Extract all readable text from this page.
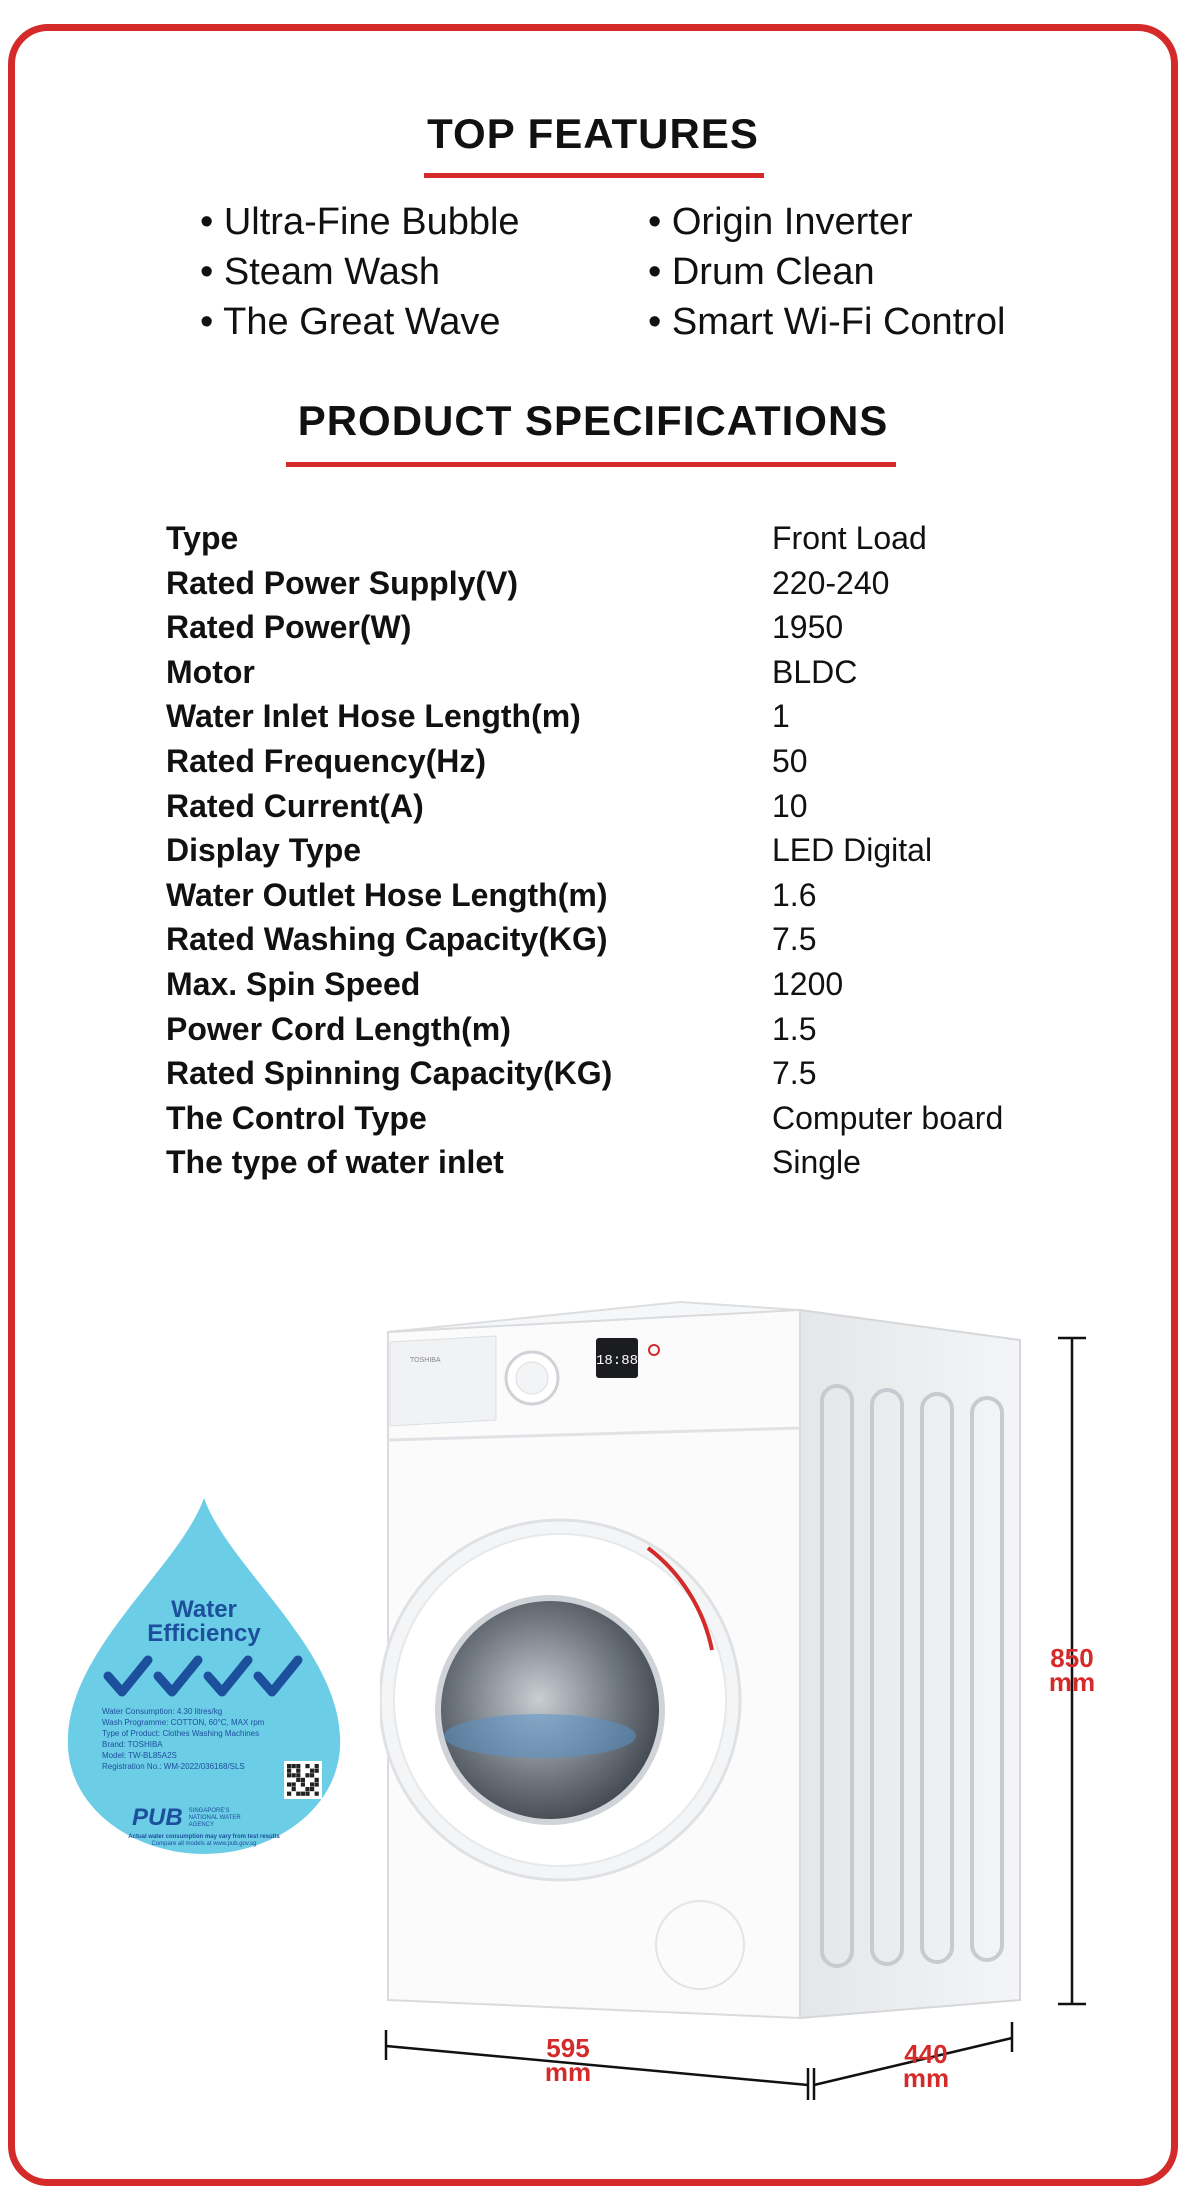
TOP FEATURES
• Ultra-Fine Bubble	• Origin Inverter
• Steam Wash	• Drum Clean
• The Great Wave	• Smart Wi-Fi Control
PRODUCT SPECIFICATIONS
Type	Front Load
Rated Power Supply(V)	220-240
Rated Power(W)	1950
Motor	BLDC
Water Inlet Hose Length(m)	1
Rated Frequency(Hz)	50
Rated Current(A)	10
Display Type	LED Digital
Water Outlet Hose Length(m)	1.6
Rated Washing Capacity(KG)	7.5
Max. Spin Speed	1200
Power Cord Length(m)	1.5
Rated Spinning Capacity(KG)	7.5
The Control Type	Computer board
The type of water inlet	Single
Water
Efficiency
Water Consumption: 4.30 litres/kg
Wash Programme: COTTON, 60°C, MAX rpm
Type of Product: Clothes Washing Machines
Brand: TOSHIBA
Model: TW-BL85A2S
Registration No.: WM-2022/036168/SLS
PUB SINGAPORE'S NATIONAL WATER AGENCY
Actual water consumption may vary from test results
Compare all models at www.pub.gov.sg
18:88
TOSHIBA
850
mm
595
mm
440
mm
